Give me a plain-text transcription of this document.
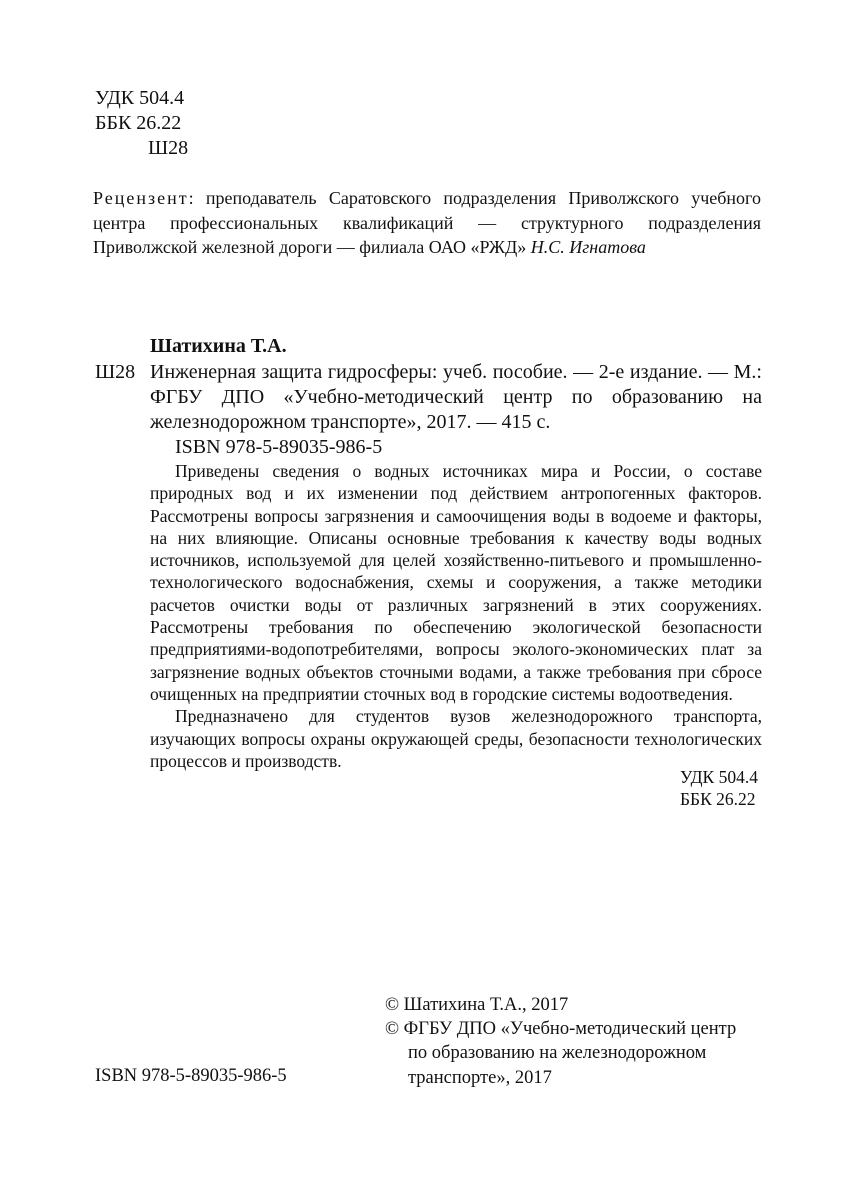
УДК 504.4
ББК 26.22
Ш28
Рецензент: преподаватель Саратовского подразделения Приволжского учебного центра профессиональных квалификаций — структурного подразделения Приволжской железной дороги — филиала ОАО «РЖД» Н.С. Игнатова
Шатихина Т.А.
Ш28 Инженерная защита гидросферы: учеб. пособие. — 2-е издание. — М.: ФГБУ ДПО «Учебно-методический центр по образованию на железнодорожном транспорте», 2017. — 415 с.
ISBN 978-5-89035-986-5

Приведены сведения о водных источниках мира и России, о составе природных вод и их изменении под действием антропогенных факторов. Рассмотрены вопросы загрязнения и самоочищения воды в водоеме и факторы, на них влияющие. Описаны основные требования к качеству воды водных источников, используемой для целей хозяйственно-питьевого и промышленно-технологического водоснабжения, схемы и сооружения, а также методики расчетов очистки воды от различных загрязнений в этих сооружениях. Рассмотрены требования по обеспечению экологической безопасности предприятиями-водопотребителями, вопросы эколого-экономических плат за загрязнение водных объектов сточными водами, а также требования при сбросе очищенных на предприятии сточных вод в городские системы водоотведения.

Предназначено для студентов вузов железнодорожного транспорта, изучающих вопросы охраны окружающей среды, безопасности технологических процессов и производств.

УДК 504.4
ББК 26.22
© Шатихина Т.А., 2017
© ФГБУ ДПО «Учебно-методический центр
по образованию на железнодорожном
транспорте», 2017
ISBN 978-5-89035-986-5
